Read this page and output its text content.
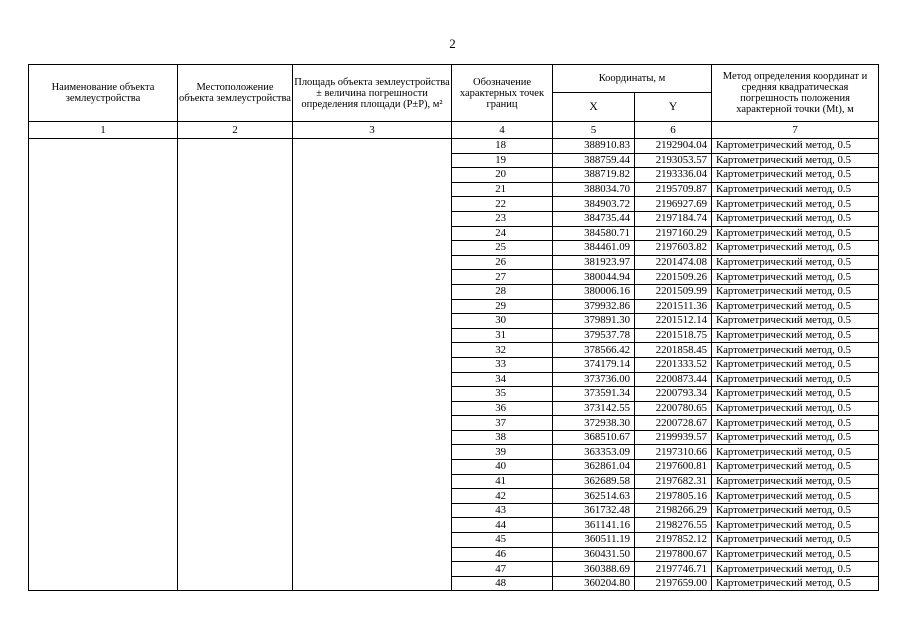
2
Наименование объекта землеустройства	Местоположение объекта землеустройства	Площадь объекта землеустройства ± величина погрешности определения площади (P±P), м²	Обозначение характерных точек границ	Координаты, м		Метод определения координат и средняя квадратическая погрешность положения характерной точки (Mt), м
				X	Y	
1	2	3	4	5	6	7
			18	388910.83	2192904.04	Картометрический метод, 0.5
			19	388759.44	2193053.57	Картометрический метод, 0.5
			20	388719.82	2193336.04	Картометрический метод, 0.5
			21	388034.70	2195709.87	Картометрический метод, 0.5
			22	384903.72	2196927.69	Картометрический метод, 0.5
			23	384735.44	2197184.74	Картометрический метод, 0.5
			24	384580.71	2197160.29	Картометрический метод, 0.5
			25	384461.09	2197603.82	Картометрический метод, 0.5
			26	381923.97	2201474.08	Картометрический метод, 0.5
			27	380044.94	2201509.26	Картометрический метод, 0.5
			28	380006.16	2201509.99	Картометрический метод, 0.5
			29	379932.86	2201511.36	Картометрический метод, 0.5
			30	379891.30	2201512.14	Картометрический метод, 0.5
			31	379537.78	2201518.75	Картометрический метод, 0.5
			32	378566.42	2201858.45	Картометрический метод, 0.5
			33	374179.14	2201333.52	Картометрический метод, 0.5
			34	373736.00	2200873.44	Картометрический метод, 0.5
			35	373591.34	2200793.34	Картометрический метод, 0.5
			36	373142.55	2200780.65	Картометрический метод, 0.5
			37	372938.30	2200728.67	Картометрический метод, 0.5
			38	368510.67	2199939.57	Картометрический метод, 0.5
			39	363353.09	2197310.66	Картометрический метод, 0.5
			40	362861.04	2197600.81	Картометрический метод, 0.5
			41	362689.58	2197682.31	Картометрический метод, 0.5
			42	362514.63	2197805.16	Картометрический метод, 0.5
			43	361732.48	2198266.29	Картометрический метод, 0.5
			44	361141.16	2198276.55	Картометрический метод, 0.5
			45	360511.19	2197852.12	Картометрический метод, 0.5
			46	360431.50	2197800.67	Картометрический метод, 0.5
			47	360388.69	2197746.71	Картометрический метод, 0.5
			48	360204.80	2197659.00	Картометрический метод, 0.5
